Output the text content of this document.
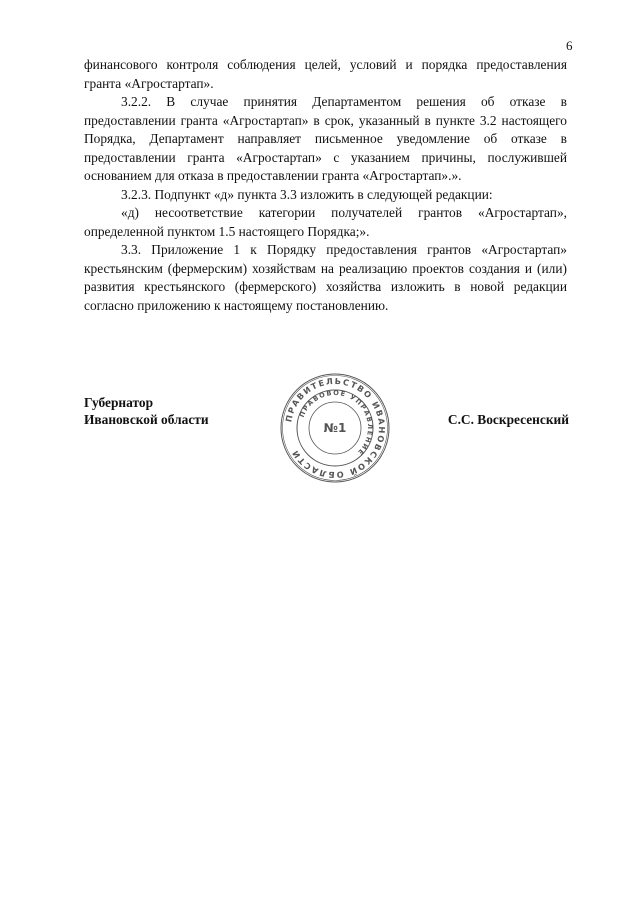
6

финансового контроля соблюдения целей, условий и порядка предоставления гранта «Агростартап».

3.2.2. В случае принятия Департаментом решения об отказе в предоставлении гранта «Агростартап» в срок, указанный в пункте 3.2 настоящего Порядка, Департамент направляет письменное уведомление об отказе в предоставлении гранта «Агростартап» с указанием причины, послужившей основанием для отказа в предоставлении гранта «Агростартап».».

3.2.3. Подпункт «д» пункта 3.3 изложить в следующей редакции:

«д) несоответствие категории получателей грантов «Агростартап», определенной пунктом 1.5 настоящего Порядка;».

3.3. Приложение 1 к Порядку предоставления грантов «Агростартап» крестьянским (фермерским) хозяйствам на реализацию проектов создания и (или) развития крестьянского (фермерского) хозяйства изложить в новой редакции согласно приложению к настоящему постановлению.

Губернатор
Ивановской области	ПРАВИТЕЛЬСТВО ИВАНОВСКОЙ ОБЛАСТИ
ПРАВОВОЕ УПРАВЛЕНИЕ
№1
С.С. Воскресенский
